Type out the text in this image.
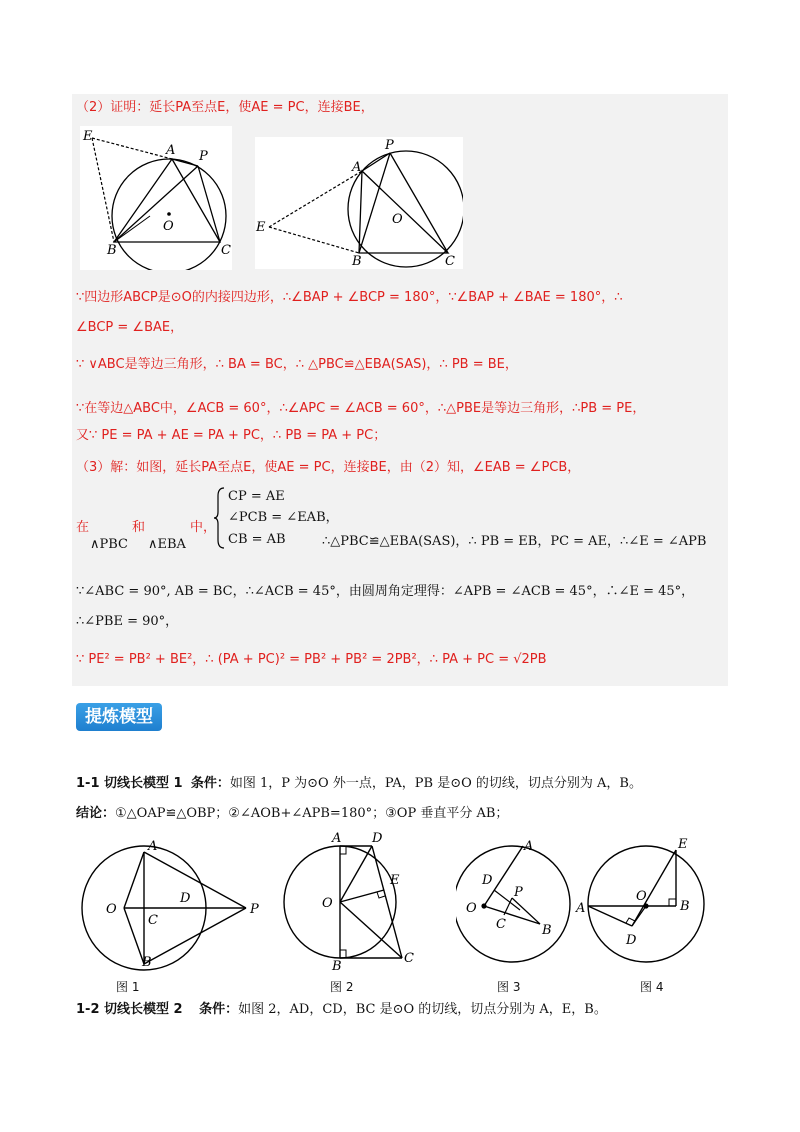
（2）证明：延长PA至点E，使AE = PC，连接BE，
E
A P
O
B	C
A
P
O
E
B	C
∵四边形ABCP是⊙O的内接四边形，∴∠BAP + ∠BCP = 180°，∵∠BAP + ∠BAE = 180°，∴
∠BCP = ∠BAE，
∵ ∨ABC是等边三角形，∴ BA = BC，∴ △PBC≌△EBA(SAS)，∴ PB = BE，
∵在等边△ABC中，∠ACB = 60°，∴∠APC = ∠ACB = 60°，∴△PBE是等边三角形，∴PB = PE，
又∵ PE = PA + AE = PA + PC，∴ PB = PA + PC；
（3）解：如图，延长PA至点E，使AE = PC，连接BE，由（2）知，∠EAB = ∠PCB，
在	和	中，
∧PBC ∧EBA
CP = AE
∠PCB = ∠EAB，
CB = AB	∴△PBC≌△EBA(SAS)，∴ PB = EB，PC = AE，∴∠E = ∠APB
∵∠ABC = 90°, AB = BC，∴∠ACB = 45°，由圆周角定理得：∠APB = ∠ACB = 45°，∴∠E = 45°，
∴∠PBE = 90°，
∵ PE² = PB² + BE²，∴ (PA + PC)² = PB² + PB² = 2PB²，∴ PA + PC = √2PB
提炼模型
1-1 切线长模型 1 条件：如图 1，P 为⊙O 外一点，PA，PB 是⊙O 的切线，切点分别为 A，B。
结论：①△OAP≌△OBP；②∠AOB+∠APB=180°；③OP 垂直平分 AB；
A
O
C
D
P
B
A D
E
O
B
C
A
D
P
O
C	B
E
O
A	B
D
图 1	图 2	图 3	图 4
1-2 切线长模型 2 条件：如图 2，AD，CD，BC 是⊙O 的切线，切点分别为 A，E，B。
